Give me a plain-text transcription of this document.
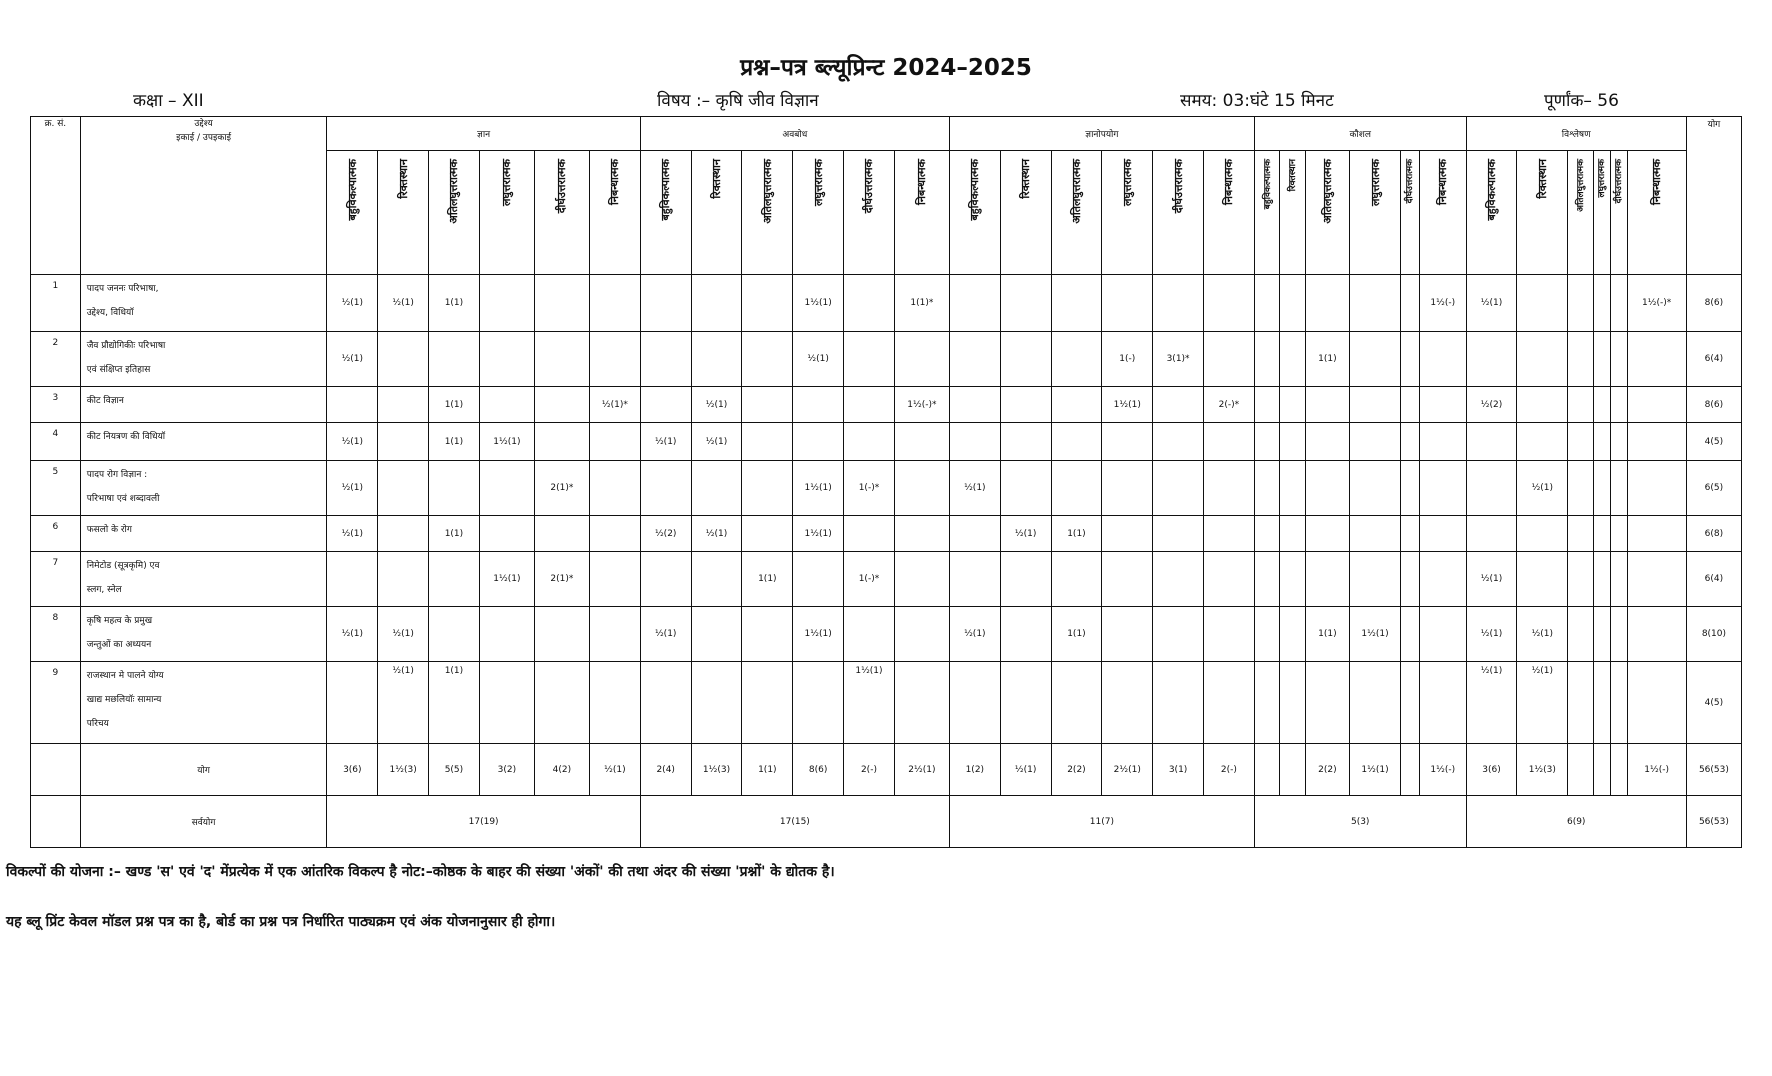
प्रश्न–पत्र ब्ल्यूप्रिन्ट 2024–2025
कक्षा – XII	विषय :– कृषि जीव विज्ञान	समय: 03:घंटे 15 मिनट	पूर्णांक– 56
क्र. सं.	उद्देश्य
इकाई / उपइकाई	ज्ञान						अवबोध						ज्ञानोपयोग						कौशल						विश्लेषण						योग
		बहुविकल्पात्मक	रिक्तस्थान	अतिलघुत्तरात्मक	लघुत्तरात्मक	दीर्घउत्तरात्मक	निबन्धात्मक	बहुविकल्पात्मक	रिक्तस्थान	अतिलघुत्तरात्मक	लघुत्तरात्मक	दीर्घउत्तरात्मक	निबन्धात्मक	बहुविकल्पात्मक	रिक्तस्थान	अतिलघुत्तरात्मक	लघुत्तरात्मक	दीर्घउत्तरात्मक	निबन्धात्मक	बहुविकल्पात्मक	रिक्तस्थान	अतिलघुत्तरात्मक	लघुत्तरात्मक	दीर्घउत्तरात्मक	निबन्धात्मक	बहुविकल्पात्मक	रिक्तस्थान	अतिलघुत्तरात्मक	लघुत्तरात्मक	दीर्घउत्तरात्मक	निबन्धात्मक	
1	पादप जननः परिभाषा,
उद्देश्य, विधियॉ	½(1)	½(1)	1(1)							1½(1)		1(1)*												1½(-)	½(1)					1½(-)*	8(6)
2	जैव प्रौद्योगिकीः परिभाषा
एवं संक्षिप्त इतिहास	½(1)									½(1)						1(-)	3(1)*				1(1)										6(4)
3	कीट विज्ञान			1(1)			½(1)*		½(1)				1½(-)*				1½(1)		2(-)*							½(2)						8(6)
4	कीट नियत्रण की विधियॉ	½(1)		1(1)	1½(1)			½(1)	½(1)																							4(5)
5	पादप रोग विज्ञान :
परिभाषा एवं शब्दावली	½(1)				2(1)*					1½(1)	1(-)*		½(1)													½(1)					6(5)
6	फसलो के रोग	½(1)		1(1)				½(2)	½(1)		1½(1)				½(1)	1(1)																6(8)
7	निमेटोड (सूत्रकृमि) एव
स्लग, स्नेल				1½(1)	2(1)*				1(1)		1(-)*														½(1)						6(4)
8	कृषि महत्व के प्रमुख
जन्तुओं का अध्ययन	½(1)	½(1)					½(1)			1½(1)			½(1)		1(1)						1(1)	1½(1)			½(1)	½(1)					8(10)
9	राजस्थान मे पालने योग्य
खाद्य मछलियॉः सामान्य
परिचय		½(1)	1(1)								1½(1)														½(1)	½(1)					4(5)
	योग	3(6)	1½(3)	5(5)	3(2)	4(2)	½(1)	2(4)	1½(3)	1(1)	8(6)	2(-)	2½(1)	1(2)	½(1)	2(2)	2½(1)	3(1)	2(-)			2(2)	1½(1)		1½(-)	3(6)	1½(3)				1½(-)	56(53)
	सर्वयोग	17(19)						17(15)						11(7)						5(3)						6(9)						56(53)
विकल्पों की योजना :– खण्ड 'स' एवं 'द' मेंप्रत्येक में एक आंतरिक विकल्प है नोट:–कोष्ठक के बाहर की संख्या 'अंकों' की तथा अंदर की संख्या 'प्रश्नों' के द्योतक है।
यह ब्लू प्रिंट केवल मॉडल प्रश्न पत्र का है, बोर्ड का प्रश्न पत्र निर्धारित पाठ्यक्रम एवं अंक योजनानुसार ही होगा।
